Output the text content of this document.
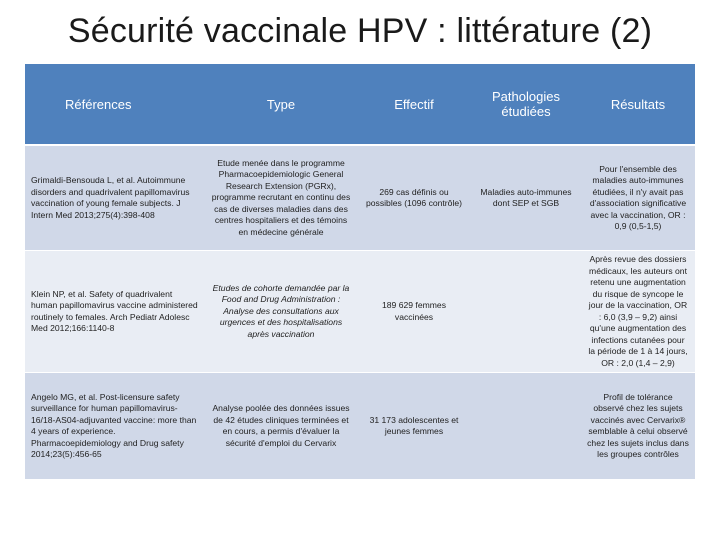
Sécurité vaccinale HPV : littérature (2)
Références	Type	Effectif	Pathologies étudiées	Résultats
Grimaldi-Bensouda L, et al. Autoimmune disorders and quadrivalent papillomavirus vaccination of young female subjects. J Intern Med 2013;275(4):398-408	Etude menée dans le programme Pharmacoepidemiologic General Research Extension (PGRx), programme recrutant en continu des cas de diverses maladies dans des centres hospitaliers et des témoins en médecine générale	269 cas définis ou possibles (1096 contrôle)	Maladies auto-immunes dont SEP et SGB	Pour l'ensemble des maladies auto-immunes étudiées, il n'y avait pas d'association significative avec la vaccination, OR : 0,9 (0,5-1,5)
Klein NP, et al. Safety of quadrivalent human papillomavirus vaccine administered routinely to females. Arch Pediatr Adolesc Med 2012;166:1140-8	Etudes de cohorte demandée par la Food and Drug Administration : Analyse des consultations aux urgences et des hospitalisations après vaccination	189 629 femmes vaccinées		Après revue des dossiers médicaux, les auteurs ont retenu une augmentation du risque de syncope le jour de la vaccination, OR : 6,0 (3,9 – 9,2) ainsi qu'une augmentation des infections cutanées pour la période de 1 à 14 jours, OR : 2,0 (1,4 – 2,9)
Angelo MG, et al. Post-licensure safety surveillance for human papillomavirus-16/18-AS04-adjuvanted vaccine: more than 4 years of experience. Pharmacoepidemiology and Drug safety 2014;23(5):456-65	Analyse poolée des données issues de 42 études cliniques terminées et en cours, a permis d'évaluer la sécurité d'emploi du Cervarix	31 173 adolescentes et jeunes femmes		Profil de tolérance observé chez les sujets vaccinés avec Cervarix® semblable à celui observé chez les sujets inclus dans les groupes contrôles
